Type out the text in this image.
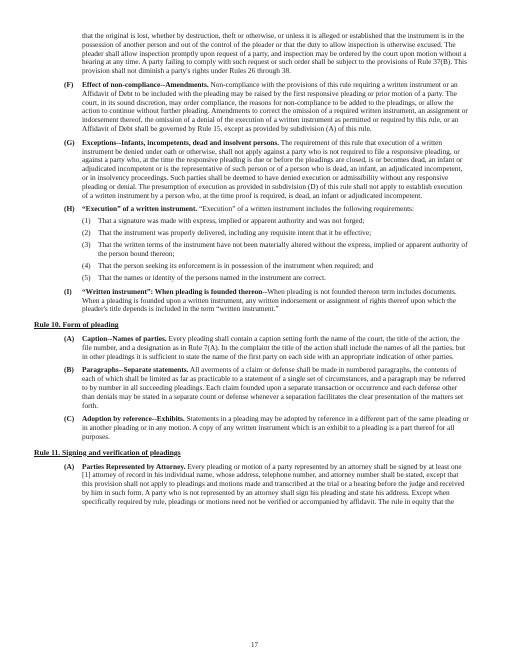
that the original is lost, whether by destruction, theft or otherwise, or unless it is alleged or established that the instrument is in the possession of another person and out of the control of the pleader or that the duty to allow inspection is otherwise excused. The pleader shall allow inspection promptly upon request of a party, and inspection may be ordered by the court upon motion without a hearing at any time. A party failing to comply with such request or such order shall be subject to the provisions of Rule 37(B). This provision shall not diminish a party's rights under Rules 26 through 38.

(F) Effect of non-compliance--Amendments. Non-compliance with the provisions of this rule requiring a written instrument or an Affidavit of Debt to be included with the pleading may be raised by the first responsive pleading or prior motion of a party. The court, in its sound discretion, may order compliance, the reasons for non-compliance to be added to the pleadings, or allow the action to continue without further pleading. Amendments to correct the omission of a required written instrument, an assignment or indorsement thereof, the omission of a denial of the execution of a written instrument as permitted or required by this rule, or an Affidavit of Debt shall be governed by Rule 15, except as provided by subdivision (A) of this rule.

(G) Exceptions--Infants, incompetents, dead and insolvent persons. The requirement of this rule that execution of a written instrument be denied under oath or otherwise, shall not apply against a party who is not required to file a responsive pleading, or against a party who, at the time the responsive pleading is due or before the pleadings are closed, is or becomes dead, an infant or adjudicated incompetent or is the representative of such person or of a person who is dead, an infant, an adjudicated incompetent, or in insolvency proceedings. Such parties shall be deemed to have denied execution or admissibility without any responsive pleading or denial. The presumption of execution as provided in subdivision (D) of this rule shall not apply to establish execution of a written instrument by a person who, at the time proof is required, is dead, an infant or adjudicated incompetent.

(H) “Execution” of a written instrument. “Execution” of a written instrument includes the following requirements:

(1) That a signature was made with express, implied or apparent authority and was not forged;

(2) That the instrument was properly delivered, including any requisite intent that it be effective;

(3) That the written terms of the instrument have not been materially altered without the express, implied or apparent authority of the person bound thereon;

(4) That the person seeking its enforcement is in possession of the instrument when required; and

(5) That the names or identity of the persons named in the instrument are correct.

(I) “Written instrument”: When pleading is founded thereon--When pleading is not founded thereon term includes documents. When a pleading is founded upon a written instrument, any written indorsement or assignment of rights thereof upon which the pleader's title depends is included in the term “written instrument.”

Rule 10. Form of pleading

(A) Caption--Names of parties. Every pleading shall contain a caption setting forth the name of the court, the title of the action, the file number, and a designation as in Rule 7(A). In the complaint the title of the action shall include the names of all the parties, but in other pleadings it is sufficient to state the name of the first party on each side with an appropriate indication of other parties.

(B) Paragraphs--Separate statements. All averments of a claim or defense shall be made in numbered paragraphs, the contents of each of which shall be limited as far as practicable to a statement of a single set of circumstances, and a paragraph may be referred to by number in all succeeding pleadings. Each claim founded upon a separate transaction or occurrence and each defense other than denials may be stated in a separate count or defense whenever a separation facilitates the clear presentation of the matters set forth.

(C) Adoption by reference--Exhibits. Statements in a pleading may be adopted by reference in a different part of the same pleading or in another pleading or in any motion. A copy of any written instrument which is an exhibit to a pleading is a part thereof for all purposes.

Rule 11. Signing and verification of pleadings

(A) Parties Represented by Attorney. Every pleading or motion of a party represented by an attorney shall be signed by at least one [1] attorney of record in his individual name, whose address, telephone number, and attorney number shall be stated, except that this provision shall not apply to pleadings and motions made and transcribed at the trial or a hearing before the judge and received by him in such form. A party who is not represented by an attorney shall sign his pleading and state his address. Except when specifically required by rule, pleadings or motions need not be verified or accompanied by affidavit. The rule in equity that the

17
